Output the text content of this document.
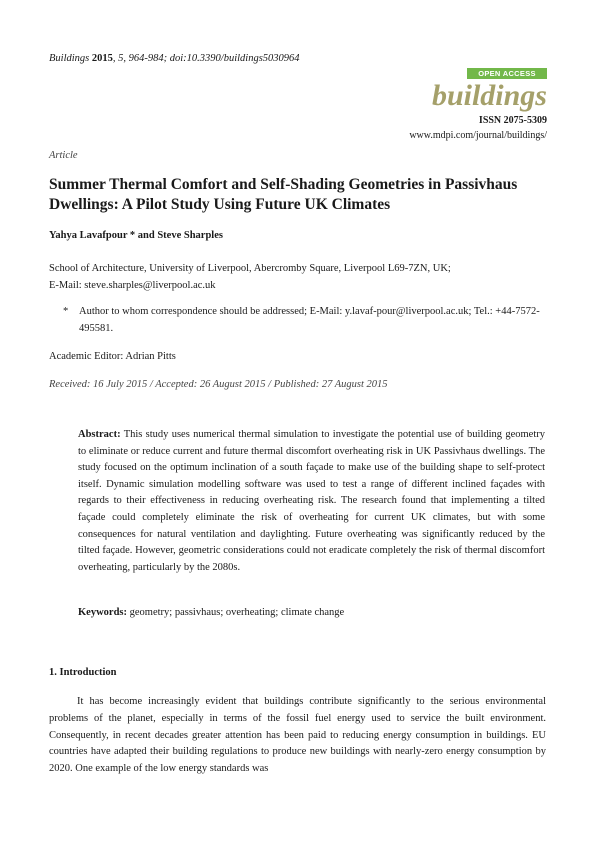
Buildings 2015, 5, 964-984; doi:10.3390/buildings5030964
OPEN ACCESS
buildings
ISSN 2075-5309
www.mdpi.com/journal/buildings/
Article
Summer Thermal Comfort and Self-Shading Geometries in Passivhaus Dwellings: A Pilot Study Using Future UK Climates
Yahya Lavafpour * and Steve Sharples
School of Architecture, University of Liverpool, Abercromby Square, Liverpool L69-7ZN, UK;
E-Mail: steve.sharples@liverpool.ac.uk
* Author to whom correspondence should be addressed; E-Mail: y.lavaf-pour@liverpool.ac.uk; Tel.: +44-7572-495581.
Academic Editor: Adrian Pitts
Received: 16 July 2015 / Accepted: 26 August 2015 / Published: 27 August 2015
Abstract: This study uses numerical thermal simulation to investigate the potential use of building geometry to eliminate or reduce current and future thermal discomfort overheating risk in UK Passivhaus dwellings. The study focused on the optimum inclination of a south façade to make use of the building shape to self-protect itself. Dynamic simulation modelling software was used to test a range of different inclined façades with regards to their effectiveness in reducing overheating risk. The research found that implementing a tilted façade could completely eliminate the risk of overheating for current UK climates, but with some consequences for natural ventilation and daylighting. Future overheating was significantly reduced by the tilted façade. However, geometric considerations could not eradicate completely the risk of thermal discomfort overheating, particularly by the 2080s.
Keywords: geometry; passivhaus; overheating; climate change
1. Introduction
It has become increasingly evident that buildings contribute significantly to the serious environmental problems of the planet, especially in terms of the fossil fuel energy used to service the built environment. Consequently, in recent decades greater attention has been paid to reducing energy consumption in buildings. EU countries have adapted their building regulations to produce new buildings with nearly-zero energy consumption by 2020. One example of the low energy standards was
